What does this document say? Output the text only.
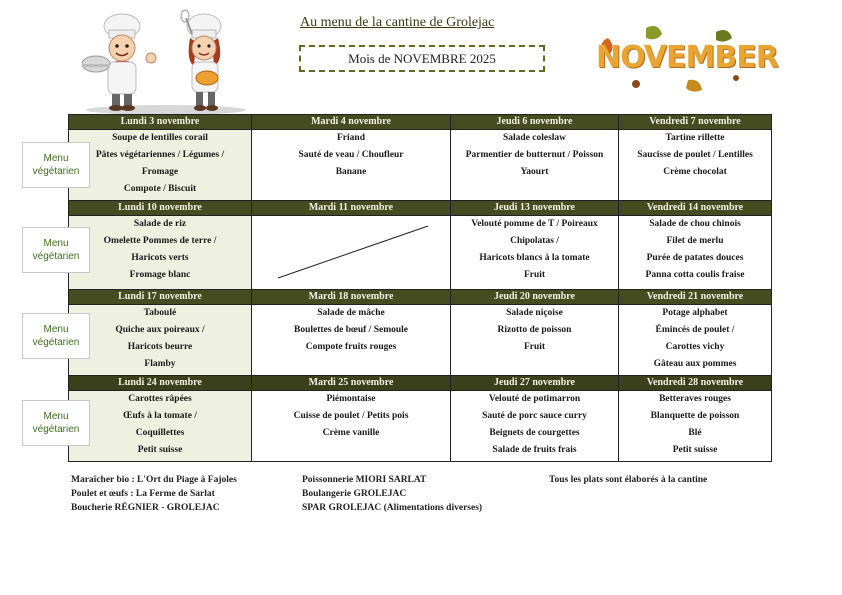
Au menu de la cantine de Grolejac
Mois de NOVEMBRE 2025	NOVEMBER
Lundi 3 novembre	Mardi 4 novembre	Jeudi 6 novembre	Vendredi 7 novembre

Soupe de lentilles corail
Pâtes végétariennes / Légumes /
Fromage
Compote / Biscuit	Friand
Sauté de veau / Choufleur
Banane	Salade coleslaw
Parmentier de butternut / Poisson
Yaourt	Tartine rillette
Saucisse de poulet / Lentilles
Crème chocolat

Lundi 10 novembre	Mardi 11 novembre	Jeudi 13 novembre	Vendredi 14 novembre

Salade de riz
Omelette Pommes de terre /
Haricots verts
Fromage blanc		Velouté pomme de T / Poireaux
Chipolatas /
Haricots blancs à la tomate
Fruit	Salade de chou chinois
Filet de merlu
Purée de patates douces
Panna cotta coulis fraise

Lundi 17 novembre	Mardi 18 novembre	Jeudi 20 novembre	Vendredi 21 novembre

Taboulé
Quiche aux poireaux /
Haricots beurre
Flamby	Salade de mâche
Boulettes de bœuf / Semoule
Compote fruits rouges	Salade niçoise
Rizotto de poisson
Fruit	Potage alphabet
Émincés de poulet /
Carottes vichy
Gâteau aux pommes

Lundi 24 novembre	Mardi 25 novembre	Jeudi 27 novembre	Vendredi 28 novembre

Carottes râpées
Œufs à la tomate /
Coquillettes
Petit suisse	Piémontaise
Cuisse de poulet / Petits pois
Crème vanille	Velouté de potimarron
Sauté de porc sauce curry
Beignets de courgettes
Salade de fruits frais	Betteraves rouges
Blanquette de poisson
Blé
Petit suisse
Menu végétarien
Menu végétarien
Menu végétarien
Menu végétarien
Maraîcher bio : L'Ort du Piage à Fajoles
Poulet et œufs : La Ferme de Sarlat
Boucherie RÉGNIER - GROLEJAC
Poissonnerie MIORI SARLAT
Boulangerie GROLEJAC
SPAR GROLEJAC (Alimentations diverses)
Tous les plats sont élaborés à la cantine
